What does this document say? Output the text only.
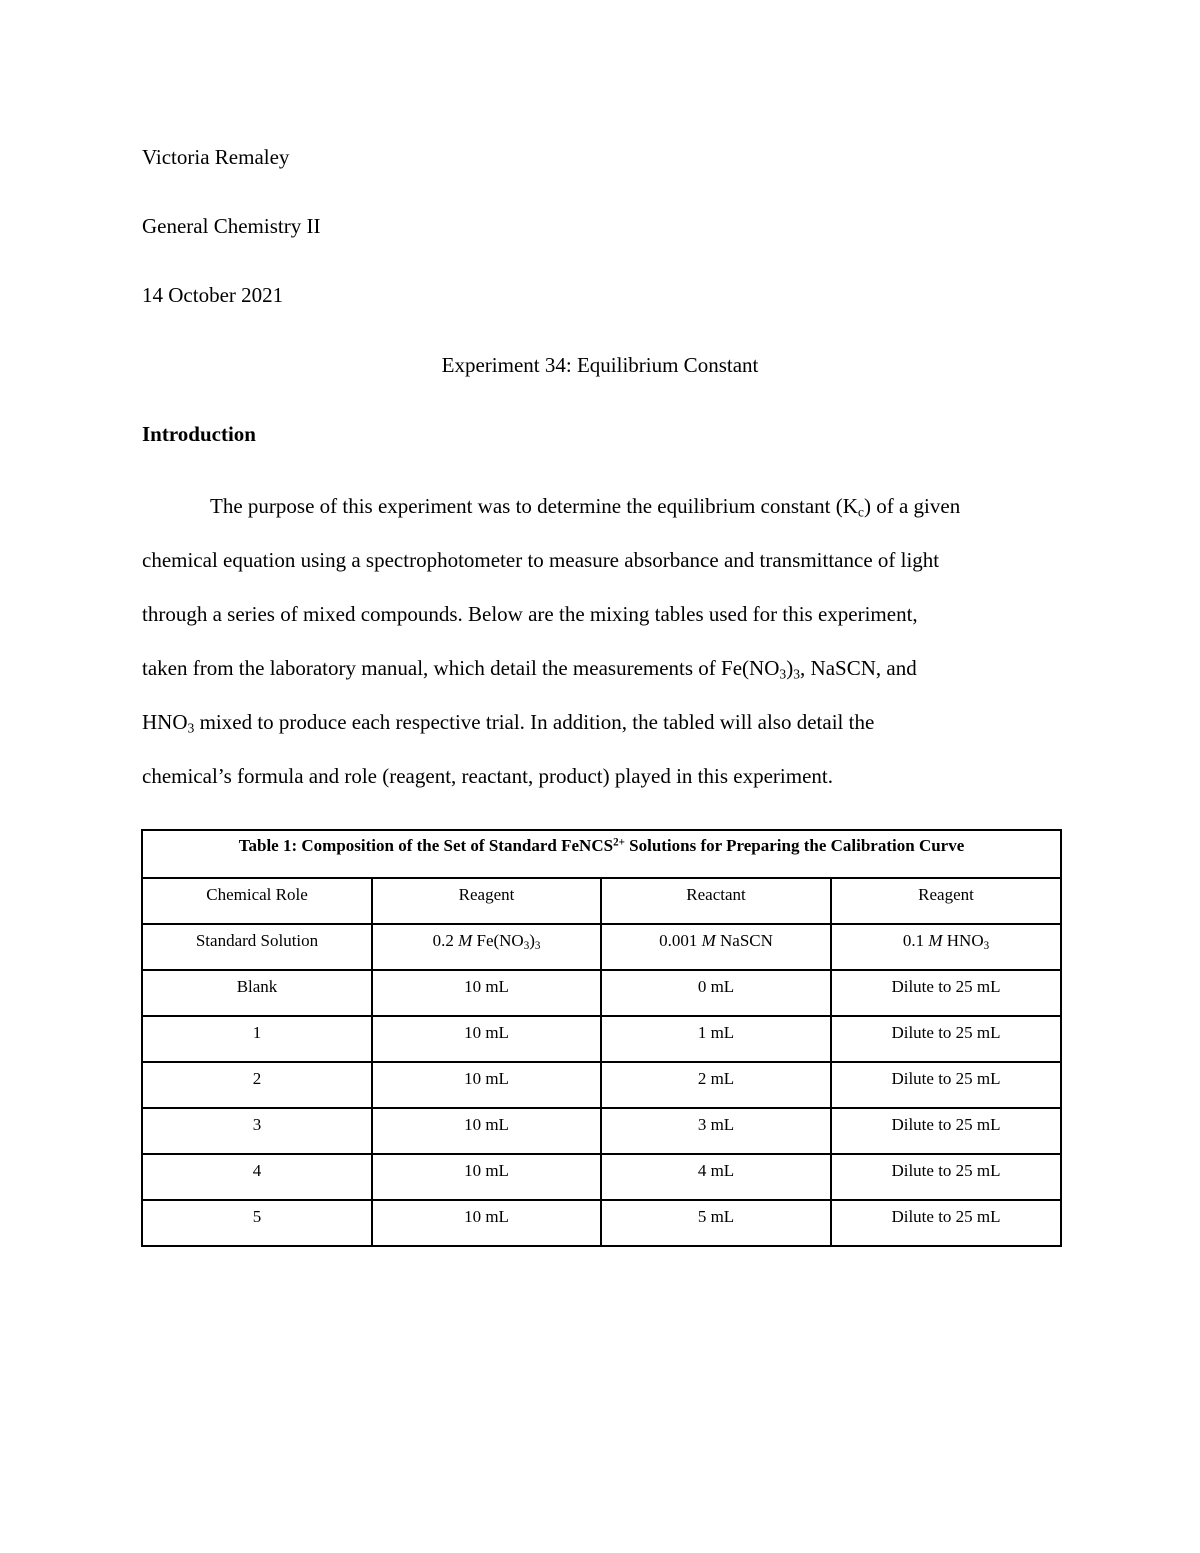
Victoria Remaley
General Chemistry II
14 October 2021
Experiment 34: Equilibrium Constant
Introduction
The purpose of this experiment was to determine the equilibrium constant $(K_c)$ of a given
chemical equation using a spectrophotometer to measure absorbance and transmittance of light
through a series of mixed compounds. Below are the mixing tables used for this experiment,
taken from the laboratory manual, which detail the measurements of $Fe(NO_3)_3$, NaSCN, and
$HNO_3$ mixed to produce each respective trial. In addition, the tabled will also detail the
chemical’s formula and role (reagent, reactant, product) played in this experiment.
Table 1: Composition of the Set of Standard FeNCS$^{2+}$ Solutions for Preparing the Calibration Curve			
Chemical Role	Reagent	Reactant	Reagent
Standard Solution	0.2 M $Fe(NO_3)_3$	0.001 M NaSCN	0.1 M $HNO_3$
Blank	10 mL	0 mL	Dilute to 25 mL
1	10 mL	1 mL	Dilute to 25 mL
2	10 mL	2 mL	Dilute to 25 mL
3	10 mL	3 mL	Dilute to 25 mL
4	10 mL	4 mL	Dilute to 25 mL
5	10 mL	5 mL	Dilute to 25 mL
